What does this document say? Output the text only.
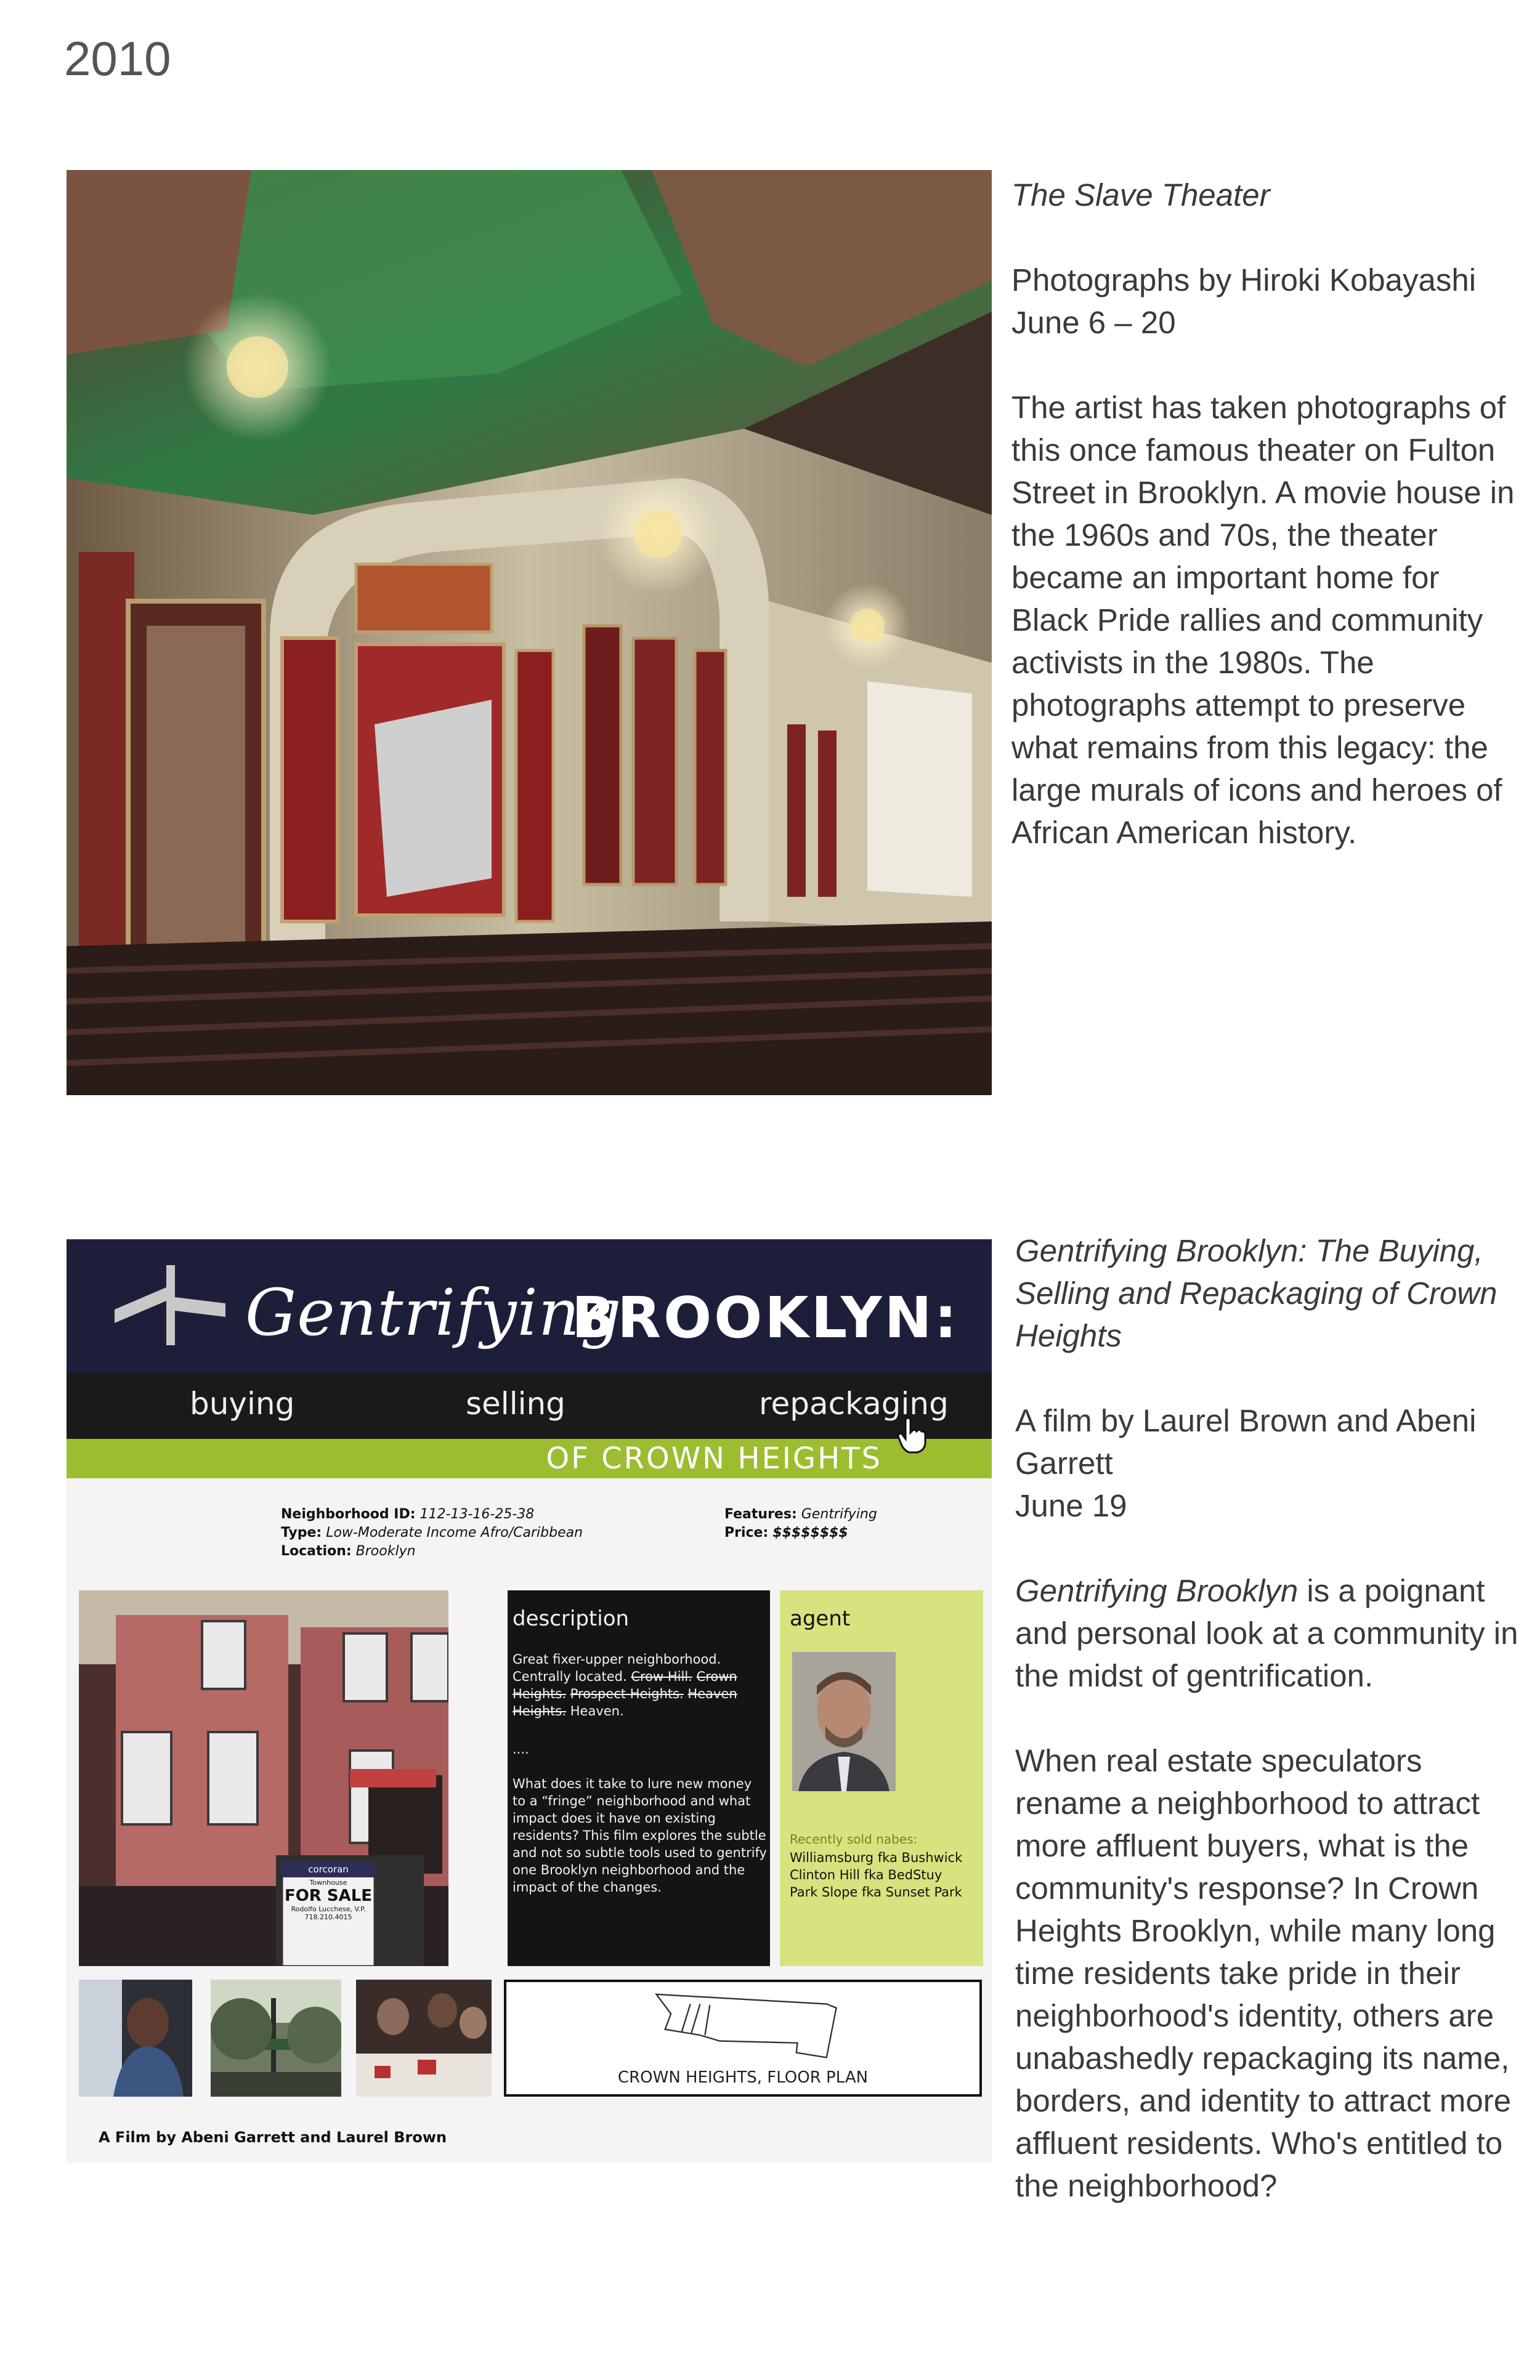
2010

The Slave Theater

Photographs by Hiroki Kobayashi
June 6 – 20

The artist has taken photographs of this once famous theater on Fulton Street in Brooklyn. A movie house in the 1960s and 70s, the theater became an important home for Black Pride rallies and community activists in the 1980s. The photographs attempt to preserve what remains from this legacy: the large murals of icons and heroes of African American history.

Gentrifying
BROOKLYN:
buying	selling	repackaging
OF CROWN HEIGHTS
Neighborhood ID: 112-13-16-25-38
Type: Low-Moderate Income Afro/Caribbean
Location: Brooklyn
Features: Gentrifying
Price: $$$$$$$$
corcoran
Townhouse
FOR SALE
Rodolfo Lucchese, V.P.
718.210.4015
description
Great fixer-upper neighborhood. Centrally located. Crow Hill. Crown Heights. Prospect Heights. Heaven Heights. Heaven.
....
What does it take to lure new money to a “fringe” neighborhood and what impact does it have on existing residents? This film explores the subtle and not so subtle tools used to gentrify one Brooklyn neighborhood and the impact of the changes.
agent
Recently sold nabes:
Williamsburg fka Bushwick
Clinton Hill fka BedStuy
Park Slope fka Sunset Park
CROWN HEIGHTS, FLOOR PLAN
A Film by Abeni Garrett and Laurel Brown

Gentrifying Brooklyn: The Buying, Selling and Repackaging of Crown Heights

A film by Laurel Brown and Abeni Garrett
June 19

Gentrifying Brooklyn is a poignant and personal look at a community in the midst of gentrification.

When real estate speculators rename a neighborhood to attract more affluent buyers, what is the community's response? In Crown Heights Brooklyn, while many long time residents take pride in their neighborhood's identity, others are unabashedly repackaging its name, borders, and identity to attract more affluent residents. Who's entitled to the neighborhood?
